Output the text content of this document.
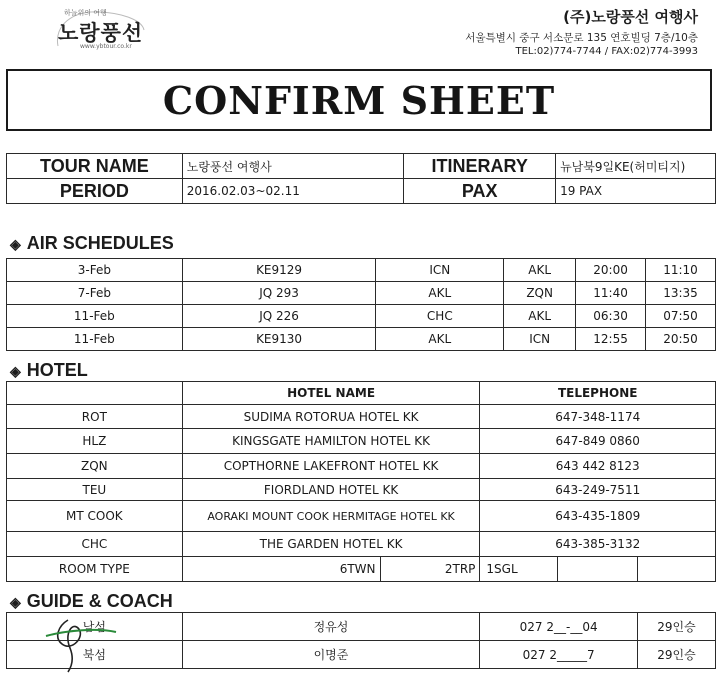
하늘위의 여행
노랑풍선
www.ybtour.co.kr
(주)노랑풍선 여행사
서울특별시 중구 서소문로 135 연호빌딩 7층/10층
TEL:02)774-7744 / FAX:02)774-3993
CONFIRM SHEET
TOUR NAME	노랑풍선 여행사	ITINERARY	뉴남북9일KE(허미티지)
PERIOD	2016.02.03~02.11	PAX	19 PAX
◈ AIR SCHEDULES
3-Feb	KE9129	ICN	AKL	20:00	11:10
7-Feb	JQ 293	AKL	ZQN	11:40	13:35
11-Feb	JQ 226	CHC	AKL	06:30	07:50
11-Feb	KE9130	AKL	ICN	12:55	20:50
◈ HOTEL
	HOTEL NAME		TELEPHONE		
ROT	SUDIMA ROTORUA HOTEL KK		647-348-1174		
HLZ	KINGSGATE HAMILTON HOTEL KK		647-849 0860		
ZQN	COPTHORNE LAKEFRONT HOTEL KK		643 442 8123		
TEU	FIORDLAND HOTEL KK		643-249-7511		
MT COOK	AORAKI MOUNT COOK HERMITAGE HOTEL KK		643-435-1809		
CHC	THE GARDEN HOTEL KK		643-385-3132		
ROOM TYPE	6TWN	2TRP	1SGL		
◈ GUIDE & COACH
남섬	정유성	027 2__-__04	29인승
북섬	이명준	027 2_____7	29인승
